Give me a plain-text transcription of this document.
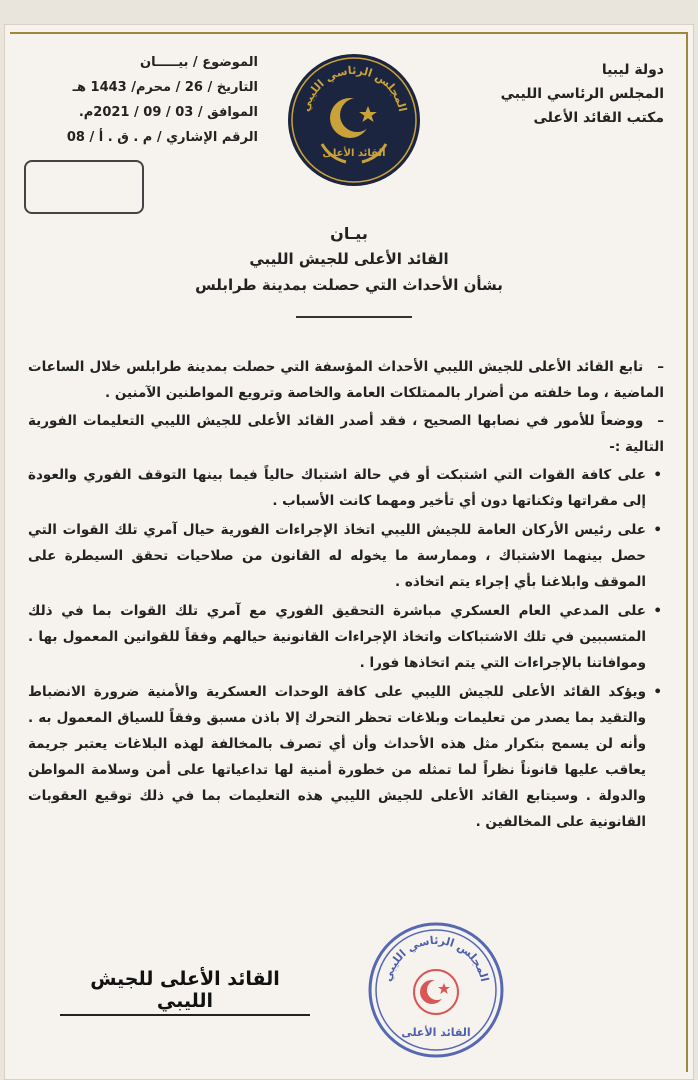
دولة ليبيا
المجلس الرئاسي الليبي
مكتب القائد الأعلى
الموضوع / بيـــــان
التاريخ / 26 / محرم/ 1443 هـ
الموافق / 03 / 09 / 2021م.
الرقم الإشاري / م . ق . أ / 08
المجلس الرئاسي الليبي
القائد الأعلى
بيـان
القائد الأعلى للجيش الليبي
بشأن الأحداث التي حصلت بمدينة طرابلس

–تابع القائد الأعلى للجيش الليبي الأحداث المؤسفة التي حصلت بمدينة طرابلس خلال الساعات الماضية ، وما خلفته من أضرار بالممتلكات العامة والخاصة وترويع المواطنين الآمنين .

–ووضعاً للأمور في نصابها الصحيح ، فقد أصدر القائد الأعلى للجيش الليبي التعليمات الفورية التالية :-

• على كافة القوات التي اشتبكت أو في حالة اشتباك حالياً فيما بينها التوقف الفوري والعودة إلى مقراتها وثكناتها دون أي تأخير ومهما كانت الأسباب .
• على رئيس الأركان العامة للجيش الليبي اتخاذ الإجراءات الفورية حيال آمري تلك القوات التي حصل بينهما الاشتباك ، وممارسة ما يخوله له القانون من صلاحيات تحقق السيطرة على الموقف وابلاغنا بأي إجراء يتم اتخاذه .
• على المدعي العام العسكري مباشرة التحقيق الفوري مع آمري تلك القوات بما في ذلك المتسببين في تلك الاشتباكات واتخاذ الإجراءات القانونية حيالهم وفقاً للقوانين المعمول بها . وموافاتنا بالإجراءات التي يتم اتخاذها فورا .
• ويؤكد القائد الأعلى للجيش الليبي على كافة الوحدات العسكرية والأمنية ضرورة الانضباط والتقيد بما يصدر من تعليمات وبلاغات تحظر التحرك إلا باذن مسبق وفقاً للسياق المعمول به . وأنه لن يسمح بتكرار مثل هذه الأحداث وأن أي تصرف بالمخالفة لهذه البلاغات يعتبر جريمة يعاقب عليها قانوناً نظراً لما تمثله من خطورة أمنية لها تداعياتها على أمن وسلامة المواطن والدولة . وسيتابع القائد الأعلى للجيش الليبي هذه التعليمات بما في ذلك توقيع العقوبات القانونية على المخالفين .
القائد الأعلى للجيش الليبي
المجلس الرئاسي الليبي
القائد الأعلى
